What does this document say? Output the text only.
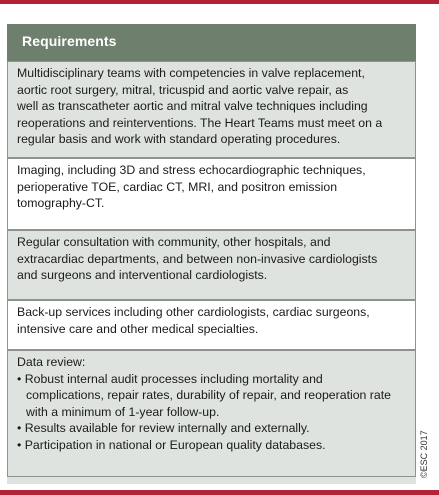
Requirements
Multidisciplinary teams with competencies in valve replacement,
aortic root surgery, mitral, tricuspid and aortic valve repair, as
well as transcatheter aortic and mitral valve techniques including
reoperations and reinterventions. The Heart Teams must meet on a
regular basis and work with standard operating procedures.
Imaging, including 3D and stress echocardiographic techniques,
perioperative TOE, cardiac CT, MRI, and positron emission
tomography-CT.
Regular consultation with community, other hospitals, and
extracardiac departments, and between non-invasive cardiologists
and surgeons and interventional cardiologists.
Back-up services including other cardiologists, cardiac surgeons,
intensive care and other medical specialties.
Data review:
• Robust internal audit processes including mortality and
complications, repair rates, durability of repair, and reoperation rate
with a minimum of 1-year follow-up.
• Results available for review internally and externally.
• Participation in national or European quality databases.	©ESC 2017
